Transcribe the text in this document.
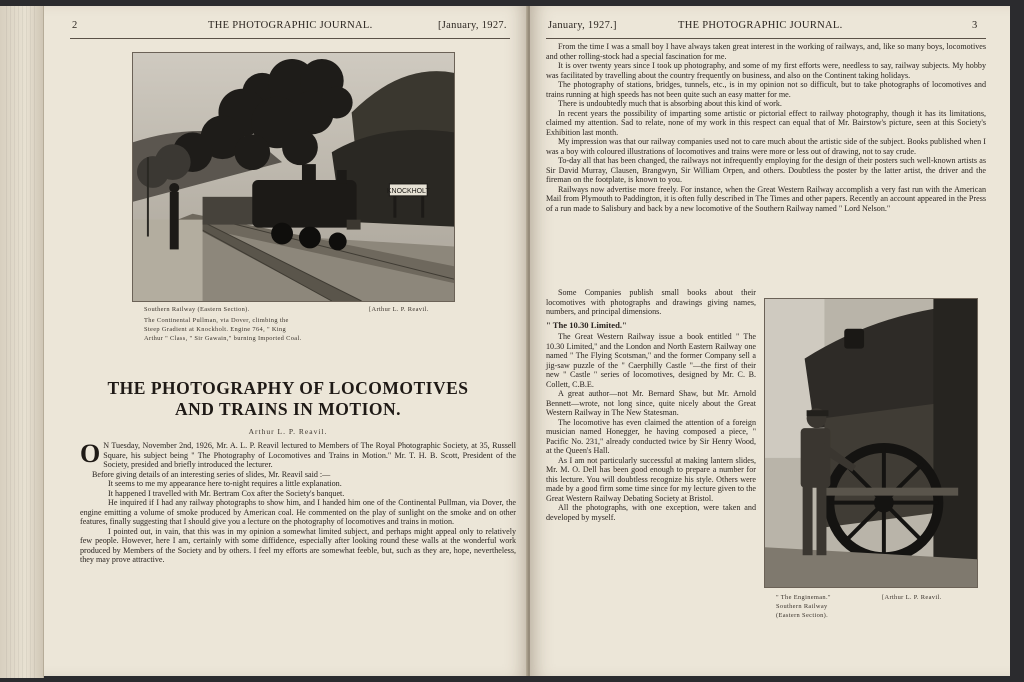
2	THE PHOTOGRAPHIC JOURNAL.	[January, 1927.
KNOCKHOLT
Southern Railway (Eastern Section).	[Arthur L. P. Reavil.
The Continental Pullman, via Dover, climbing the
Steep Gradient at Knockholt. Engine 764, " King
Arthur " Class, " Sir Gawain," burning Imported Coal.
THE PHOTOGRAPHY OF LOCOMOTIVES
AND TRAINS IN MOTION.
Arthur L. P. Reavil.

O N Tuesday, November 2nd, 1926, Mr. A. L. P. Reavil lectured to Members of The Royal Photographic Society, at 35, Russell Square, his subject being " The Photography of Locomotives and Trains in Motion." Mr. T. H. B. Scott, President of the Society, presided and briefly introduced the lecturer.

Before giving details of an interesting series of slides, Mr. Reavil said :—

It seems to me my appearance here to-night requires a little explanation.

It happened I travelled with Mr. Bertram Cox after the Society's banquet.

He inquired if I had any railway photographs to show him, and I handed him one of the Continental Pullman, via Dover, the engine emitting a volume of smoke produced by American coal. He commented on the play of sunlight on the smoke and on other features, finally suggesting that I should give you a lecture on the photography of locomotives and trains in motion.

I pointed out, in vain, that this was in my opinion a somewhat limited subject, and perhaps might appeal only to relatively few people. However, here I am, certainly with some diffidence, especially after looking round these walls at the wonderful work produced by Members of the Society and by others. I feel my efforts are somewhat feeble, but, such as they are, hope, nevertheless, they may prove attractive.

January, 1927.]	THE PHOTOGRAPHIC JOURNAL.	3

From the time I was a small boy I have always taken great interest in the working of railways, and, like so many boys, locomotives and other rolling-stock had a special fascination for me.

It is over twenty years since I took up photography, and some of my first efforts were, needless to say, railway subjects. My hobby was facilitated by travelling about the country frequently on business, and also on the Continent taking holidays.

The photography of stations, bridges, tunnels, etc., is in my opinion not so difficult, but to take photographs of locomotives and trains running at high speeds has not been quite such an easy matter for me.

There is undoubtedly much that is absorbing about this kind of work.

In recent years the possibility of imparting some artistic or pictorial effect to railway photography, though it has its limitations, claimed my attention. Sad to relate, none of my work in this respect can equal that of Mr. Bairstow's picture, seen at this Society's Exhibition last month.

My impression was that our railway companies used not to care much about the artistic side of the subject. Books published when I was a boy with coloured illustrations of locomotives and trains were more or less out of drawing, not to say crude.

To-day all that has been changed, the railways not infrequently employing for the design of their posters such well-known artists as Sir David Murray, Clausen, Brangwyn, Sir William Orpen, and others. Doubtless the poster by the latter artist, the driver and the fireman on the footplate, is known to you.

Railways now advertise more freely. For instance, when the Great Western Railway accomplish a very fast run with the American Mail from Plymouth to Paddington, it is often fully described in The Times and other papers. Recently an account appeared in the Press of a run made to Salisbury and back by a new locomotive of the Southern Railway named " Lord Nelson."

Some Companies publish small books about their locomotives with photographs and drawings giving names, numbers, and principal dimensions.

" The 10.30 Limited."

The Great Western Railway issue a book entitled " The 10.30 Limited," and the London and North Eastern Railway one named " The Flying Scotsman," and the former Company sell a jig-saw puzzle of the " Caerphilly Castle "—the first of their new " Castle " series of locomotives, designed by Mr. C. B. Collett, C.B.E.

A great author—not Mr. Bernard Shaw, but Mr. Arnold Bennett—wrote, not long since, quite nicely about the Great Western Railway in The New Statesman.

The locomotive has even claimed the attention of a foreign musician named Honegger, he having composed a piece, " Pacific No. 231," already conducted twice by Sir Henry Wood, at the Queen's Hall.

As I am not particularly successful at making lantern slides, Mr. M. O. Dell has been good enough to prepare a number for this lecture. You will doubtless recognize his style. Others were made by a good firm some time since for my lecture given to the Great Western Railway Debating Society at Bristol.

All the photographs, with one exception, were taken and developed by myself.

" The Engineman."
Southern Railway
(Eastern Section).
[Arthur L. P. Reavil.
